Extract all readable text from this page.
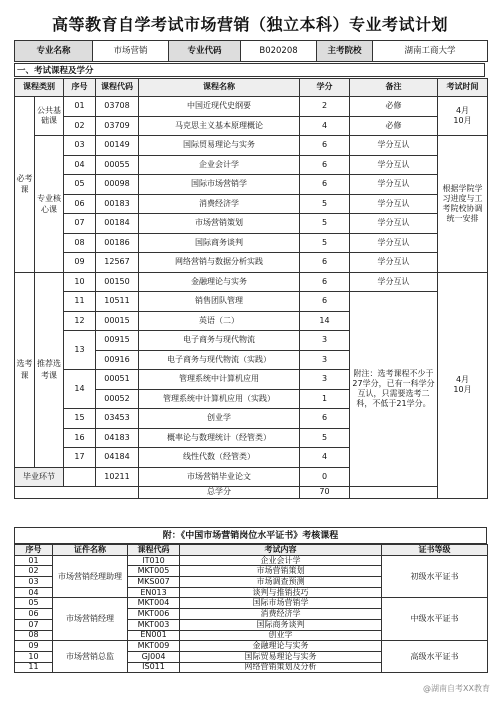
高等教育自学考试市场营销（独立本科）专业考试计划
专业名称	市场营销	专业代码	B020208	主考院校	湖南工商大学
一、考试课程及学分
课程类别		序号	课程代码	课程名称	学分	备注	考试时间
必考课	公共基础课	01	03708	中国近现代史纲要	2	必修	4月
10月
		02	03709	马克思主义基本原理概论	4	必修	
	专业核心课	03	00149	国际贸易理论与实务	6	学分互认	根据学院学习进度与工考院校协调统一安排
		04	00055	企业会计学	6	学分互认	
		05	00098	国际市场营销学	6	学分互认	
		06	00183	消费经济学	5	学分互认	
		07	00184	市场营销策划	5	学分互认	
		08	00186	国际商务谈判	5	学分互认	
		09	12567	网络营销与数据分析实践	6	学分互认	
选考课	推荐选考课	10	00150	金融理论与实务	6	学分互认	4月
10月
		11	10511	销售团队管理	6	附注：选考课程不少于27学分，已有一科学分互认，只需要选考二科，不低于21学分。	
		12	00015	英语（二）	14		
		13	00915	电子商务与现代物流	3		
			00916	电子商务与现代物流（实践）	3		
		14	00051	管理系统中计算机应用	3		
			00052	管理系统中计算机应用（实践）	1		
		15	03453	创业学	6		
		16	04183	概率论与数理统计（经管类）	5		
		17	04184	线性代数（经管类）	4		
毕业环节			10211	市场营销毕业论文	0		
				总学分	70		
附：《中国市场营销岗位水平证书》考核课程
序号	证件名称	课程代码	考试内容	证书等级
01	市场营销经理助理	IT010	企业会计学	初级水平证书
02		MKT005	市场营销策划	
03		MKS007	市场调查预测	
04		EN013	谈判与推销技巧	
05	市场营销经理	MKT004	国际市场营销学	中级水平证书
06		MKT006	消费经济学	
07		MKT003	国际商务谈判	
08		EN001	创业学	
09	市场营销总监	MKT009	金融理论与实务	高级水平证书
10		GJ004	国际贸易理论与实务	
11		IS011	网络营销策划及分析	
@湖南自考XX教育
